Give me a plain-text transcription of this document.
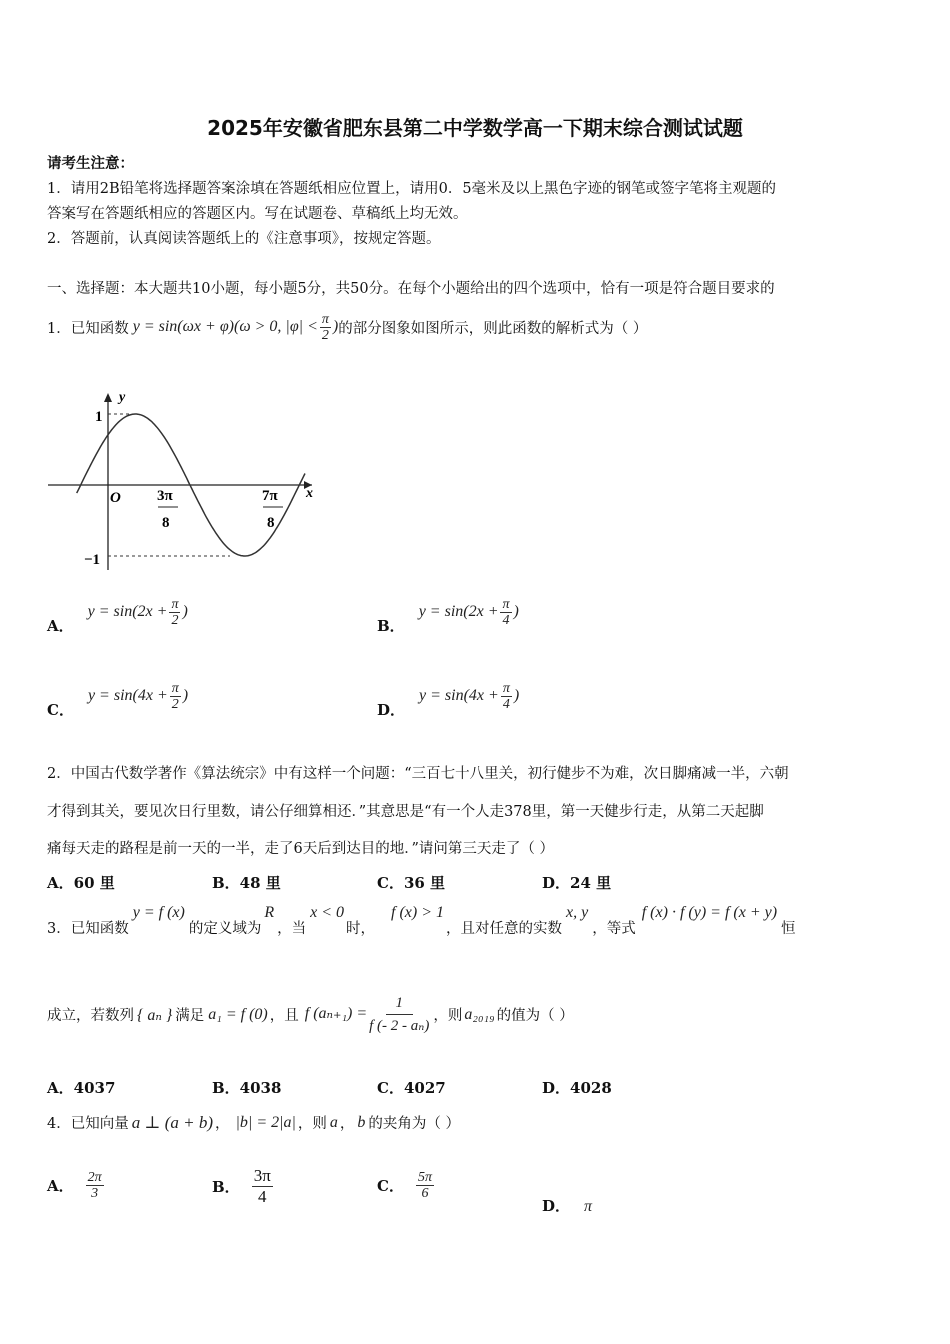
2025年安徽省肥东县第二中学数学高一下期末综合测试试题
请考生注意：
1．请用2B铅笔将选择题答案涂填在答题纸相应位置上，请用0．5毫米及以上黑色字迹的钢笔或签字笔将主观题的
答案写在答题纸相应的答题区内。写在试题卷、草稿纸上均无效。
2．答题前，认真阅读答题纸上的《注意事项》，按规定答题。
一、选择题：本大题共10小题，每小题5分，共50分。在每个小题给出的四个选项中，恰有一项是符合题目要求的
1．已知函数 y = sin(ωx + φ)(ω > 0, $|\varphi| < \frac{\pi}{2}$ ) 的部分图象如图所示，则此函数的解析式为（ ）
y
x
O
1
−1
3π
8
7π
8
A．
$y = \sin(2x + \frac{\pi}{2}$ )
B．
$y = \sin(2x + \frac{\pi}{4}$ )
C．
$y = \sin(4x + \frac{\pi}{2}$ )
D．
$y = \sin(4x + \frac{\pi}{4}$ )
2．中国古代数学著作《算法统宗》中有这样一个问题：“三百七十八里关，初行健步不为难，次日脚痛减一半，六朝
才得到其关，要见次日行里数，请公仔细算相还．”其意思是“有一个人走378里，第一天健步行走，从第二天起脚
痛每天走的路程是前一天的一半，走了6天后到达目的地．”请问第三天走了（ ）
A．60 里	B．48 里	C．36 里	D．24 里
3．已知函数
y = f (x)
的定义域为
R
，当
x < 0
时，
f (x) > 1
，且对任意的实数
x, y
，等式
f (x) · f (y) = f (x + y)
恒
成立，若数列 { aₙ } 满足 a₁ = f (0) ，且 f $(a_{n+1}) = \frac{1}{\text{f (- 2 - aₙ)}}$ ，则 a₂₀₁₉ 的值为（ ）
A．4037	B．4038	C．4027	D．4028
4．已知向量 a ⊥ (a + b) ， |b| = 2|a| ，则 a ， b 的夹角为（ ）
A． $\frac{2\pi}{3}$	B． $\frac{3\pi}{4}$	C． $\frac{5\pi}{6}$
D． π
